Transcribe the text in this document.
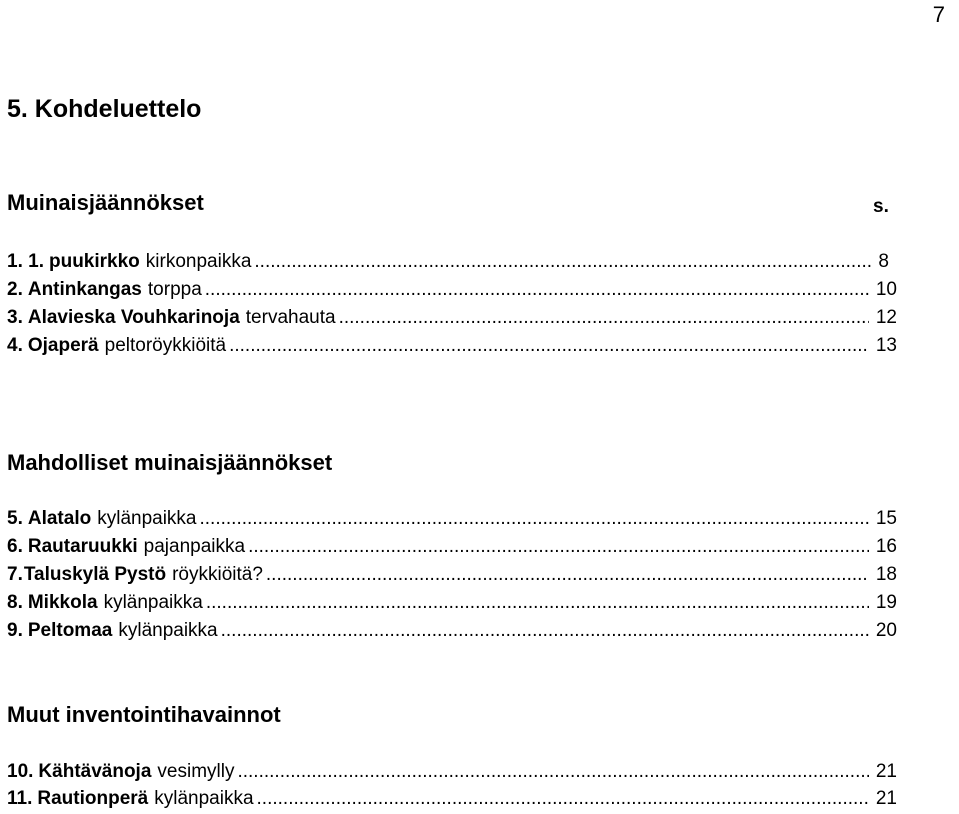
7
5. Kohdeluettelo
Muinaisjäännökset	s.
1. 1. puukirkko kirkonpaikka .....	8
2. Antinkangas torppa .....	10
3. Alavieska Vouhkarinoja tervahauta .....	12
4. Ojaperä peltoröykkiöitä .....	13
Mahdolliset muinaisjäännökset
5. Alatalo kylänpaikka .....	15
6. Rautaruukki pajanpaikka .....	16
7. Taluskylä Pystö röykkiöitä? .....	18
8. Mikkola kylänpaikka .....	19
9. Peltomaa kylänpaikka .....	20
Muut inventointihavainnot
10. Kähtävänoja vesimylly .....	21
11. Rautionperä kylänpaikka .....	21
